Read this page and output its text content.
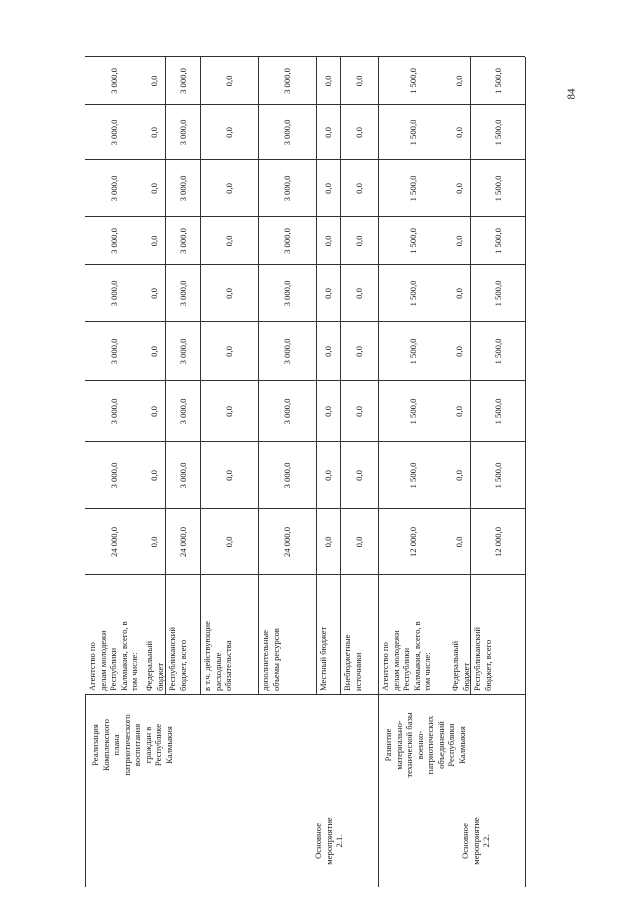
Основное
мероприятие
2.1.
Реализация
Комплексного
плана
патриотического
воспитания
граждан в
Республике
Калмыкия
Агентство по
делам молодежи
Республики
Калмыкия, всего, в
том числе:
24 000,0
3 000,0
3 000,0
3 000,0
3 000,0
3 000,0
3 000,0
3 000,0
3 000,0
Федеральный
бюджет
0,0
0,0
0,0
0,0
0,0
0,0
0,0
0,0
0,0
Республиканский
бюджет, всего
24 000,0
3 000,0
3 000,0
3 000,0
3 000,0
3 000,0
3 000,0
3 000,0
3 000,0
в т.ч. действующие
расходные
обязательства
0,0
0,0
0,0
0,0
0,0
0,0
0,0
0,0
0,0
дополнительные
объемы ресурсов
24 000,0
3 000,0
3 000,0
3 000,0
3 000,0
3 000,0
3 000,0
3 000,0
3 000,0
Местный бюджет
0,0
0,0
0,0
0,0
0,0
0,0
0,0
0,0
0,0
Внебюджетные
источники
0,0
0,0
0,0
0,0
0,0
0,0
0,0
0,0
0,0
Основное
мероприятие
2.2.
Развитие
материально-
технической базы
военно-
патриотических
объединений
Республики
Калмыкия
Агентство по
делам молодежи
Республики
Калмыкия, всего, в
том числе:
12 000,0
1 500,0
1 500,0
1 500,0
1 500,0
1 500,0
1 500,0
1 500,0
1 500,0
Федеральный
бюджет
0,0
0,0
0,0
0,0
0,0
0,0
0,0
0,0
0,0
Республиканский
бюджет, всего
12 000,0
1 500,0
1 500,0
1 500,0
1 500,0
1 500,0
1 500,0
1 500,0
1 500,0
84
